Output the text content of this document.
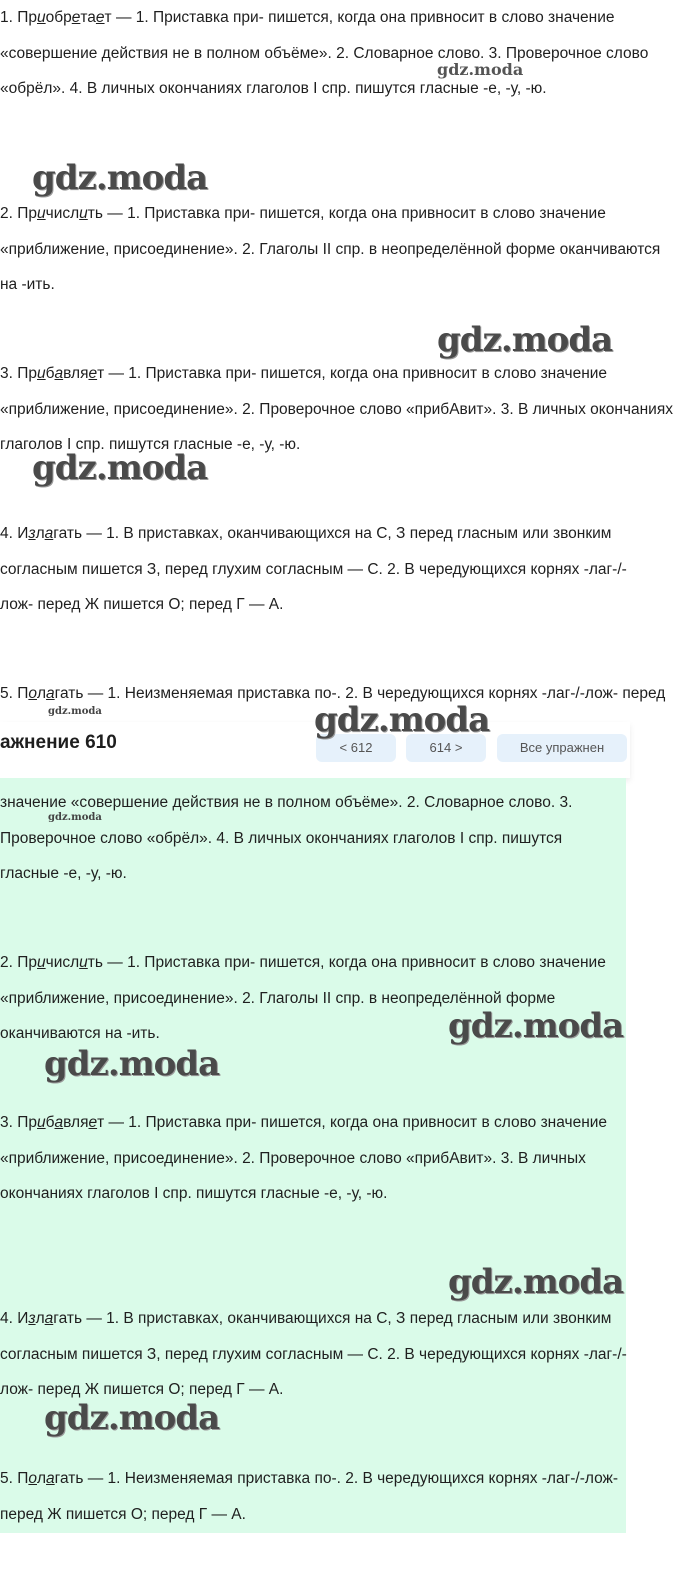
1. Приобретает — 1. Приставка при- пишется, когда она привносит в слово значение «совершение действия не в полном объёме». 2. Словарное слово. 3. Проверочное слово «обрёл». 4. В личных окончаниях глаголов I спр. пишутся гласные -е, -у, -ю.

2. Причислить — 1. Приставка при- пишется, когда она привносит в слово значение «приближение, присоединение». 2. Глаголы II спр. в неопределённой форме оканчиваются на -ить.

3. Прибавляет — 1. Приставка при- пишется, когда она привносит в слово значение «приближение, присоединение». 2. Проверочное слово «прибАвит». 3. В личных окончаниях глаголов I спр. пишутся гласные -е, -у, -ю.

4. Излагать — 1. В приставках, оканчивающихся на С, З перед гласным или звонким согласным пишется З, перед глухим согласным — С. 2. В чередующихся корнях -лаг-/-лож- перед Ж пишется О; перед Г — А.

5. Полагать — 1. Неизменяемая приставка по-. 2. В чередующихся корнях -лаг-/-лож- перед

ажнение 610	< 612	614 >	Все упражнен

значение «совершение действия не в полном объёме». 2. Словарное слово. 3. Проверочное слово «обрёл». 4. В личных окончаниях глаголов I спр. пишутся гласные -е, -у, -ю.

2. Причислить — 1. Приставка при- пишется, когда она привносит в слово значение «приближение, присоединение». 2. Глаголы II спр. в неопределённой форме оканчиваются на -ить.

3. Прибавляет — 1. Приставка при- пишется, когда она привносит в слово значение «приближение, присоединение». 2. Проверочное слово «прибАвит». 3. В личных окончаниях глаголов I спр. пишутся гласные -е, -у, -ю.

4. Излагать — 1. В приставках, оканчивающихся на С, З перед гласным или звонким согласным пишется З, перед глухим согласным — С. 2. В чередующихся корнях -лаг-/-лож- перед Ж пишется О; перед Г — А.

5. Полагать — 1. Неизменяемая приставка по-. 2. В чередующихся корнях -лаг-/-лож- перед Ж пишется О; перед Г — А.

gdz.moda
gdz.moda
gdz.moda
gdz.moda
gdz.moda	gdz.moda
gdz.moda
gdz.moda
gdz.moda
gdz.moda
gdz.moda
